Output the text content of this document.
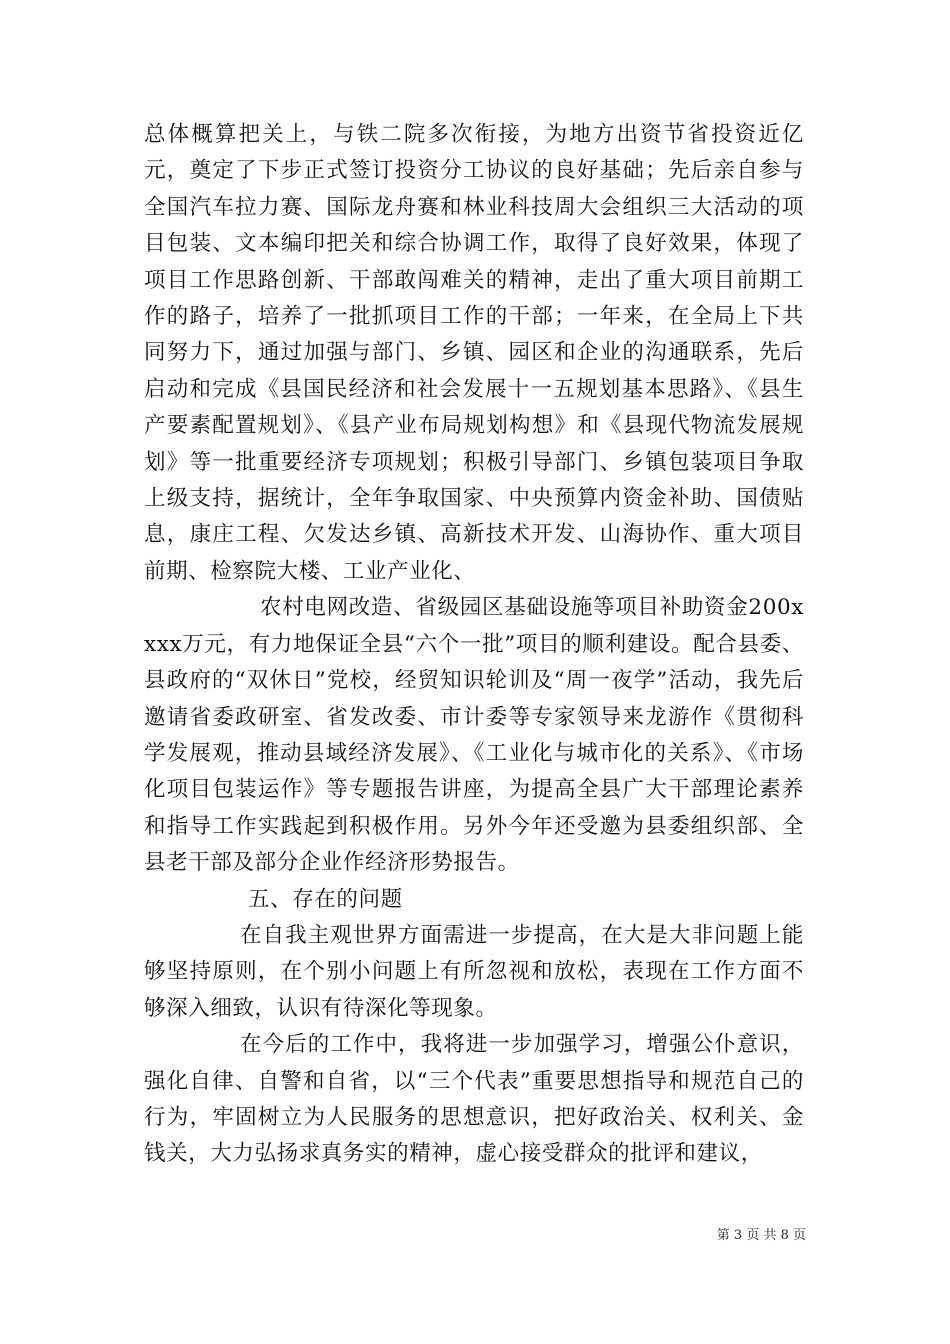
总体概算把关上，与铁二院多次衔接，为地方出资节省投资近亿元，奠定了下步正式签订投资分工协议的良好基础；先后亲自参与全国汽车拉力赛、国际龙舟赛和林业科技周大会组织三大活动的项目包装、文本编印把关和综合协调工作，取得了良好效果，体现了项目工作思路创新、干部敢闯难关的精神，走出了重大项目前期工作的路子，培养了一批抓项目工作的干部；一年来，在全局上下共同努力下，通过加强与部门、乡镇、园区和企业的沟通联系，先后启动和完成《县国民经济和社会发展十一五规划基本思路》、《县生产要素配置规划》、《县产业布局规划构想》和《县现代物流发展规划》等一批重要经济专项规划；积极引导部门、乡镇包装项目争取上级支持，据统计，全年争取国家、中央预算内资金补助、国债贴息，康庄工程、欠发达乡镇、高新技术开发、山海协作、重大项目前期、检察院大楼、工业产业化、

农村电网改造、省级园区基础设施等项目补助资金200xxxx万元，有力地保证全县“六个一批”项目的顺利建设。配合县委、县政府的“双休日”党校，经贸知识轮训及“周一夜学”活动，我先后邀请省委政研室、省发改委、市计委等专家领导来龙游作《贯彻科学发展观，推动县域经济发展》、《工业化与城市化的关系》、《市场化项目包装运作》等专题报告讲座，为提高全县广大干部理论素养和指导工作实践起到积极作用。另外今年还受邀为县委组织部、全县老干部及部分企业作经济形势报告。

五、存在的问题

在自我主观世界方面需进一步提高，在大是大非问题上能够坚持原则，在个别小问题上有所忽视和放松，表现在工作方面不够深入细致，认识有待深化等现象。

在今后的工作中，我将进一步加强学习，增强公仆意识，强化自律、自警和自省，以“三个代表”重要思想指导和规范自己的行为，牢固树立为人民服务的思想意识，把好政治关、权利关、金钱关，大力弘扬求真务实的精神，虚心接受群众的批评和建议，

第 3 页 共 8 页
